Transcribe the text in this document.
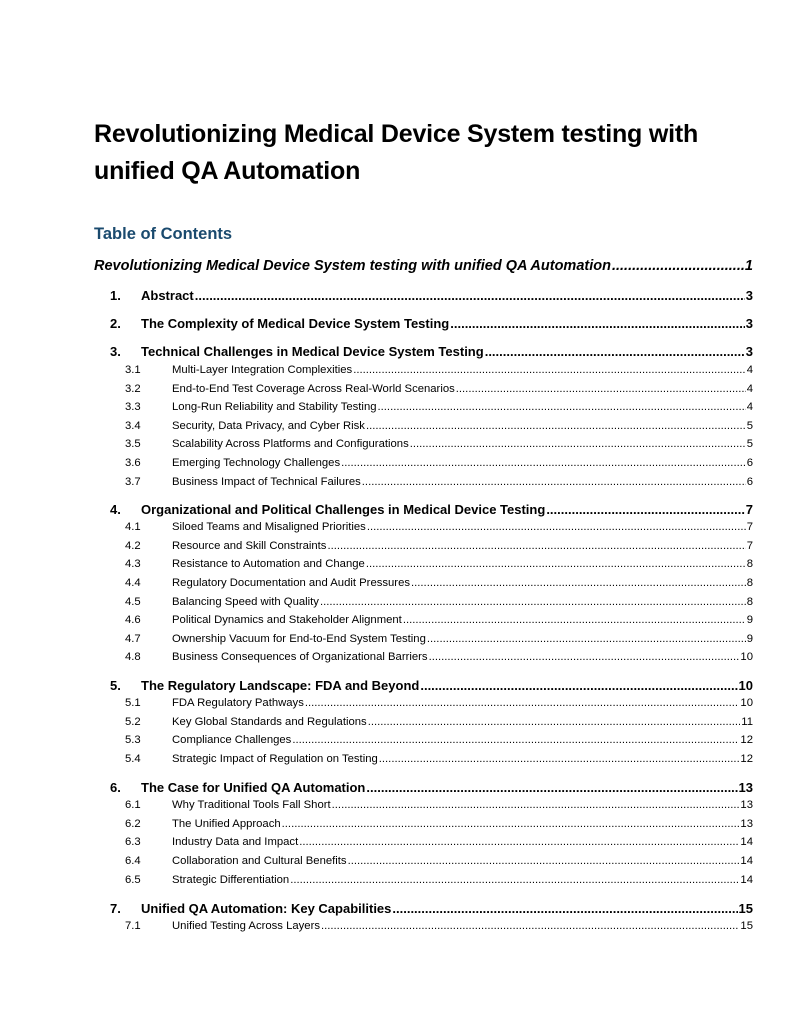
Revolutionizing Medical Device System testing with unified QA Automation
Table of Contents
Revolutionizing Medical Device System testing with unified QA Automation .....	1
1.	Abstract .....	3
2.	The Complexity of Medical Device System Testing .....	3
3.	Technical Challenges in Medical Device System Testing .....	3
3.1	Multi-Layer Integration Complexities .....	4
3.2	End-to-End Test Coverage Across Real-World Scenarios .....	4
3.3	Long-Run Reliability and Stability Testing .....	4
3.4	Security, Data Privacy, and Cyber Risk .....	5
3.5	Scalability Across Platforms and Configurations .....	5
3.6	Emerging Technology Challenges .....	6
3.7	Business Impact of Technical Failures .....	6
4.	Organizational and Political Challenges in Medical Device Testing .....	7
4.1	Siloed Teams and Misaligned Priorities .....	7
4.2	Resource and Skill Constraints .....	7
4.3	Resistance to Automation and Change .....	8
4.4	Regulatory Documentation and Audit Pressures .....	8
4.5	Balancing Speed with Quality .....	8
4.6	Political Dynamics and Stakeholder Alignment .....	9
4.7	Ownership Vacuum for End-to-End System Testing .....	9
4.8	Business Consequences of Organizational Barriers .....	10
5.	The Regulatory Landscape: FDA and Beyond .....	10
5.1	FDA Regulatory Pathways .....	10
5.2	Key Global Standards and Regulations .....	11
5.3	Compliance Challenges .....	12
5.4	Strategic Impact of Regulation on Testing .....	12
6.	The Case for Unified QA Automation .....	13
6.1	Why Traditional Tools Fall Short .....	13
6.2	The Unified Approach .....	13
6.3	Industry Data and Impact .....	14
6.4	Collaboration and Cultural Benefits .....	14
6.5	Strategic Differentiation .....	14
7.	Unified QA Automation: Key Capabilities .....	15
7.1	Unified Testing Across Layers .....	15
